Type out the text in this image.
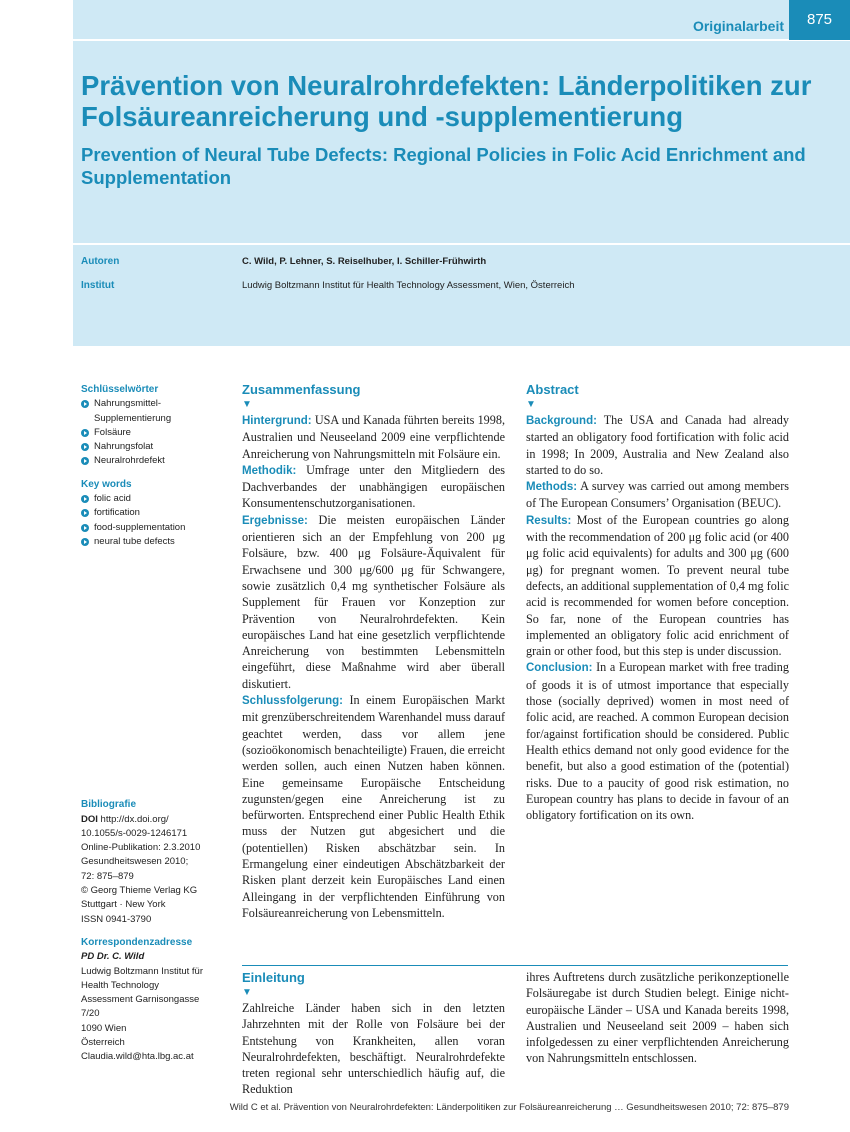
Originalarbeit	875
Prävention von Neuralrohrdefekten: Länderpolitiken zur Folsäureanreicherung und -supplementierung
Prevention of Neural Tube Defects: Regional Policies in Folic Acid Enrichment and Supplementation
Autoren	C. Wild, P. Lehner, S. Reiselhuber, I. Schiller-Frühwirth
Institut	Ludwig Boltzmann Institut für Health Technology Assessment, Wien, Österreich
Schlüsselwörter
Nahrungsmittel-Supplementierung
Folsäure
Nahrungsfolat
Neuralrohrdefekt
Key words
folic acid
fortification
food-supplementation
neural tube defects
Bibliografie

DOI http://dx.doi.org/

10.1055/s-0029-1246171

Online-Publikation: 2.3.2010

Gesundheitswesen 2010;

72: 875–879

© Georg Thieme Verlag KG

Stuttgart · New York

ISSN 0941-3790

Korrespondenzadresse

PD Dr. C. Wild

Ludwig Boltzmann Institut für

Health Technology

Assessment Garnisongasse

7/20

1090 Wien

Österreich

Claudia.wild@hta.lbg.ac.at

Zusammenfassung
▼

Hintergrund: USA und Kanada führten bereits 1998, Australien und Neuseeland 2009 eine verpflichtende Anreicherung von Nahrungsmitteln mit Folsäure ein.

Methodik: Umfrage unter den Mitgliedern des Dachverbandes der unabhängigen europäischen Konsumentenschutzorganisationen.

Ergebnisse: Die meisten europäischen Länder orientieren sich an der Empfehlung von 200 μg Folsäure, bzw. 400 μg Folsäure-Äquivalent für Erwachsene und 300 μg/600 μg für Schwangere, sowie zusätzlich 0,4 mg synthetischer Folsäure als Supplement für Frauen vor Konzeption zur Prävention von Neuralrohrdefekten. Kein europäisches Land hat eine gesetzlich verpflichtende Anreicherung von bestimmten Lebensmitteln eingeführt, diese Maßnahme wird aber überall diskutiert.

Schlussfolgerung: In einem Europäischen Markt mit grenzüberschreitendem Warenhandel muss darauf geachtet werden, dass vor allem jene (sozioökonomisch benachteiligte) Frauen, die erreicht werden sollen, auch einen Nutzen haben können. Eine gemeinsame Europäische Entscheidung zugunsten/gegen eine Anreicherung ist zu befürworten. Entsprechend einer Public Health Ethik muss der Nutzen gut abgesichert und die (potentiellen) Risken abschätzbar sein. In Ermangelung einer eindeutigen Abschätzbarkeit der Risken plant derzeit kein Europäisches Land einen Alleingang in der verpflichtenden Einführung von Folsäureanreicherung von Lebensmitteln.

Abstract
▼

Background: The USA and Canada had already started an obligatory food fortification with folic acid in 1998; In 2009, Australia and New Zealand also started to do so.

Methods: A survey was carried out among members of The European Consumers’ Organisation (BEUC).

Results: Most of the European countries go along with the recommendation of 200 μg folic acid (or 400 μg folic acid equivalents) for adults and 300 μg (600 μg) for pregnant women. To prevent neural tube defects, an additional supplementation of 0,4 mg folic acid is recommended for women before conception. So far, none of the European countries has implemented an obligatory folic acid enrichment of grain or other food, but this step is under discussion.

Conclusion: In a European market with free trading of goods it is of utmost importance that especially those (socially deprived) women in most need of folic acid, are reached. A common European decision for/against fortification should be considered. Public Health ethics demand not only good evidence for the benefit, but also a good estimation of the (potential) risks. Due to a paucity of good risk estimation, no European country has plans to decide in favour of an obligatory fortification on its own.

Einleitung
▼

Zahlreiche Länder haben sich in den letzten Jahrzehnten mit der Rolle von Folsäure bei der Entstehung von Krankheiten, allen voran Neuralrohrdefekten, beschäftigt. Neuralrohrdefekte treten regional sehr unterschiedlich häufig auf, die Reduktion

ihres Auftretens durch zusätzliche perikonzeptionelle Folsäuregabe ist durch Studien belegt. Einige nicht-europäische Länder – USA und Kanada bereits 1998, Australien und Neuseeland seit 2009 – haben sich infolgedessen zu einer verpflichtenden Anreicherung von Nahrungsmitteln entschlossen.

Wild C et al. Prävention von Neuralrohrdefekten: Länderpolitiken zur Folsäureanreicherung … Gesundheitswesen 2010; 72: 875–879
